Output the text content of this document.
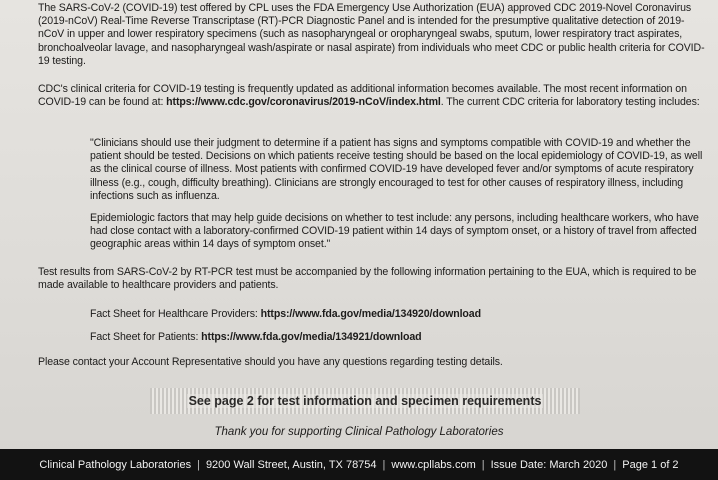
The SARS-CoV-2 (COVID-19) test offered by CPL uses the FDA Emergency Use Authorization (EUA) approved CDC 2019-Novel Coronavirus (2019-nCoV) Real-Time Reverse Transcriptase (RT)-PCR Diagnostic Panel and is intended for the presumptive qualitative detection of 2019-nCoV in upper and lower respiratory specimens (such as nasopharyngeal or oropharyngeal swabs, sputum, lower respiratory tract aspirates, bronchoalveolar lavage, and nasopharyngeal wash/aspirate or nasal aspirate) from individuals who meet CDC or public health criteria for COVID-19 testing.
CDC's clinical criteria for COVID-19 testing is frequently updated as additional information becomes available. The most recent information on COVID-19 can be found at: https://www.cdc.gov/coronavirus/2019-nCoV/index.html. The current CDC criteria for laboratory testing includes:
"Clinicians should use their judgment to determine if a patient has signs and symptoms compatible with COVID-19 and whether the patient should be tested. Decisions on which patients receive testing should be based on the local epidemiology of COVID-19, as well as the clinical course of illness. Most patients with confirmed COVID-19 have developed fever and/or symptoms of acute respiratory illness (e.g., cough, difficulty breathing). Clinicians are strongly encouraged to test for other causes of respiratory illness, including infections such as influenza.
Epidemiologic factors that may help guide decisions on whether to test include: any persons, including healthcare workers, who have had close contact with a laboratory-confirmed COVID-19 patient within 14 days of symptom onset, or a history of travel from affected geographic areas within 14 days of symptom onset."
Test results from SARS-CoV-2 by RT-PCR test must be accompanied by the following information pertaining to the EUA, which is required to be made available to healthcare providers and patients.
Fact Sheet for Healthcare Providers: https://www.fda.gov/media/134920/download
Fact Sheet for Patients: https://www.fda.gov/media/134921/download
Please contact your Account Representative should you have any questions regarding testing details.
See page 2 for test information and specimen requirements
Thank you for supporting Clinical Pathology Laboratories
Clinical Pathology Laboratories | 9200 Wall Street, Austin, TX 78754 | www.cpllabs.com | Issue Date: March 2020 | Page 1 of 2
